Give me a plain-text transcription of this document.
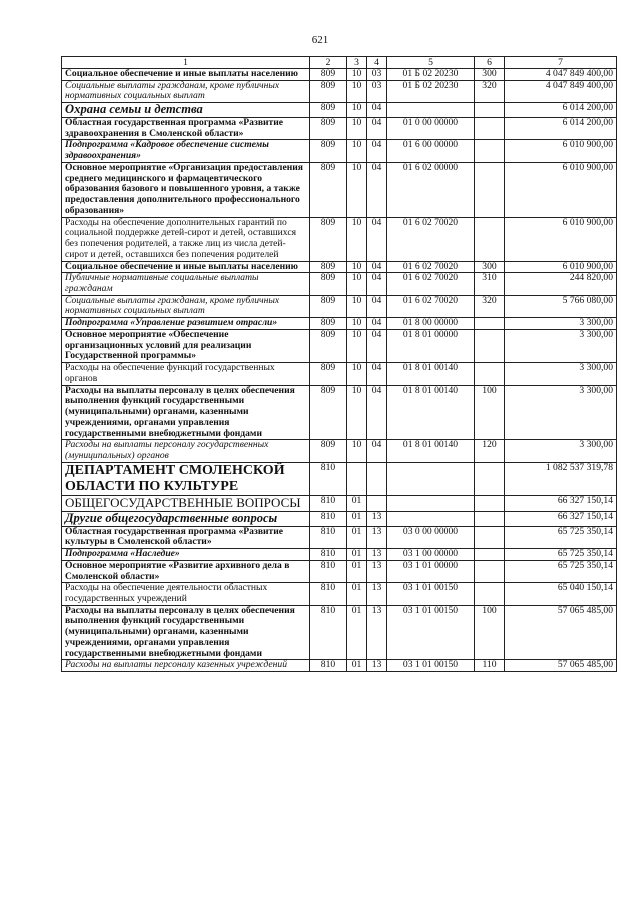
621
1	2	3	4	5	6	7
Социальное обеспечение и иные выплаты населению	809	10	03	01 Б 02 20230	300	4 047 849 400,00
Социальные выплаты гражданам, кроме публичных нормативных социальных выплат	809	10	03	01 Б 02 20230	320	4 047 849 400,00
Охрана семьи и детства	809	10	04			6 014 200,00
Областная государственная программа «Развитие здравоохранения в Смоленской области»	809	10	04	01 0 00 00000		6 014 200,00
Подпрограмма «Кадровое обеспечение системы здравоохранения»	809	10	04	01 6 00 00000		6 010 900,00
Основное мероприятие «Организация предоставления среднего медицинского и фармацевтического образования базового и повышенного уровня, а также предоставления дополнительного профессионального образования»	809	10	04	01 6 02 00000		6 010 900,00
Расходы на обеспечение дополнительных гарантий по социальной поддержке детей-сирот и детей, оставшихся без попечения родителей, а также лиц из числа детей-сирот и детей, оставшихся без попечения родителей	809	10	04	01 6 02 70020		6 010 900,00
Социальное обеспечение и иные выплаты населению	809	10	04	01 6 02 70020	300	6 010 900,00
Публичные нормативные социальные выплаты гражданам	809	10	04	01 6 02 70020	310	244 820,00
Социальные выплаты гражданам, кроме публичных нормативных социальных выплат	809	10	04	01 6 02 70020	320	5 766 080,00
Подпрограмма «Управление развитием отрасли»	809	10	04	01 8 00 00000		3 300,00
Основное мероприятие «Обеспечение организационных условий для реализации Государственной программы»	809	10	04	01 8 01 00000		3 300,00
Расходы на обеспечение функций государственных органов	809	10	04	01 8 01 00140		3 300,00
Расходы на выплаты персоналу в целях обеспечения выполнения функций государственными (муниципальными) органами, казенными учреждениями, органами управления государственными внебюджетными фондами	809	10	04	01 8 01 00140	100	3 300,00
Расходы на выплаты персоналу государственных (муниципальных) органов	809	10	04	01 8 01 00140	120	3 300,00
ДЕПАРТАМЕНТ СМОЛЕНСКОЙ ОБЛАСТИ ПО КУЛЬТУРЕ	810					1 082 537 319,78
ОБЩЕГОСУДАРСТВЕННЫЕ ВОПРОСЫ	810	01				66 327 150,14
Другие общегосударственные вопросы	810	01	13			66 327 150,14
Областная государственная программа «Развитие культуры в Смоленской области»	810	01	13	03 0 00 00000		65 725 350,14
Подпрограмма «Наследие»	810	01	13	03 1 00 00000		65 725 350,14
Основное мероприятие «Развитие архивного дела в Смоленской области»	810	01	13	03 1 01 00000		65 725 350,14
Расходы на обеспечение деятельности областных государственных учреждений	810	01	13	03 1 01 00150		65 040 150,14
Расходы на выплаты персоналу в целях обеспечения выполнения функций государственными (муниципальными) органами, казенными учреждениями, органами управления государственными внебюджетными фондами	810	01	13	03 1 01 00150	100	57 065 485,00
Расходы на выплаты персоналу казенных учреждений	810	01	13	03 1 01 00150	110	57 065 485,00
